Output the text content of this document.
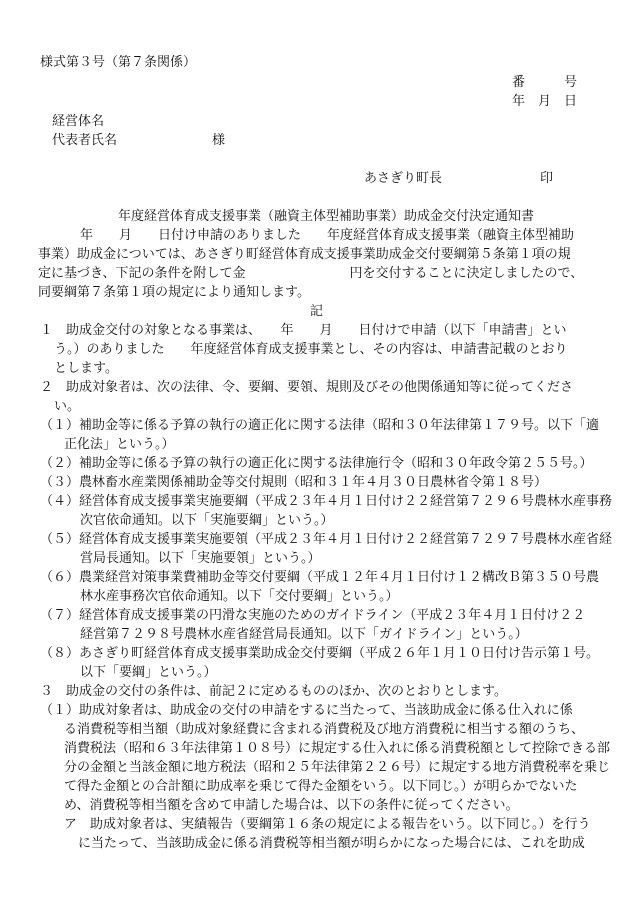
様式第３号（第７条関係）
番　　　号
年　月　日
経営体名
代表者氏名	様
あさぎり町長	印
年度経営体育成支援事業（融資主体型補助事業）助成金交付決定通知書
年　　月　　日付け申請のありました　　年度経営体育成支援事業（融資主体型補助
事業）助成金については、あさぎり町経営体育成支援事業助成金交付要綱第５条第１項の規
定に基づき、下記の条件を附して金　　　　　　　　円を交付することに決定しましたので、
同要綱第７条第１項の規定により通知します。
記
１　助成金交付の対象となる事業は、　　年　　月　　日付けで申請（以下「申請書」とい
う。）のありました　　年度経営体育成支援事業とし、その内容は、申請書記載のとおり
とします。
２　助成対象者は、次の法律、令、要綱、要領、規則及びその他関係通知等に従ってくださ
い。
（１）補助金等に係る予算の執行の適正化に関する法律（昭和３０年法律第１７９号。以下「適
正化法」という。）
（２）補助金等に係る予算の執行の適正化に関する法律施行令（昭和３０年政令第２５５号。）
（３）農林畜水産業関係補助金等交付規則（昭和３１年４月３０日農林省令第１８号）
（４）経営体育成支援事業実施要綱（平成２３年４月１日付け２２経営第７２９６号農林水産事務
次官依命通知。以下「実施要綱」という。）
（５）経営体育成支援事業実施要領（平成２３年４月１日付け２２経営第７２９７号農林水産省経
営局長通知。以下「実施要領」という。）
（６）農業経営対策事業費補助金等交付要綱（平成１２年４月１日付け１２構改Ｂ第３５０号農
林水産事務次官依命通知。以下「交付要綱」という。）
（７）経営体育成支援事業の円滑な実施のためのガイドライン（平成２３年４月１日付け２２
経営第７２９８号農林水産省経営局長通知。以下「ガイドライン」という。）
（８）あさぎり町経営体育成支援事業助成金交付要綱（平成２６年１月１０日付け告示第１号。
以下「要綱」という。）
３　助成金の交付の条件は、前記２に定めるもののほか、次のとおりとします。
（１）助成対象者は、助成金の交付の申請をするに当たって、当該助成金に係る仕入れに係
る消費税等相当額（助成対象経費に含まれる消費税及び地方消費税に相当する額のうち、
消費税法（昭和６３年法律第１０８号）に規定する仕入れに係る消費税額として控除できる部
分の金額と当該金額に地方税法（昭和２５年法律第２２６号）に規定する地方消費税率を乗じ
て得た金額との合計額に助成率を乗じて得た金額をいう。以下同じ。）が明らかでないた
め、消費税等相当額を含めて申請した場合は、以下の条件に従ってください。
ア　助成対象者は、実績報告（要綱第１６条の規定による報告をいう。以下同じ。）を行う
に当たって、当該助成金に係る消費税等相当額が明らかになった場合には、これを助成
